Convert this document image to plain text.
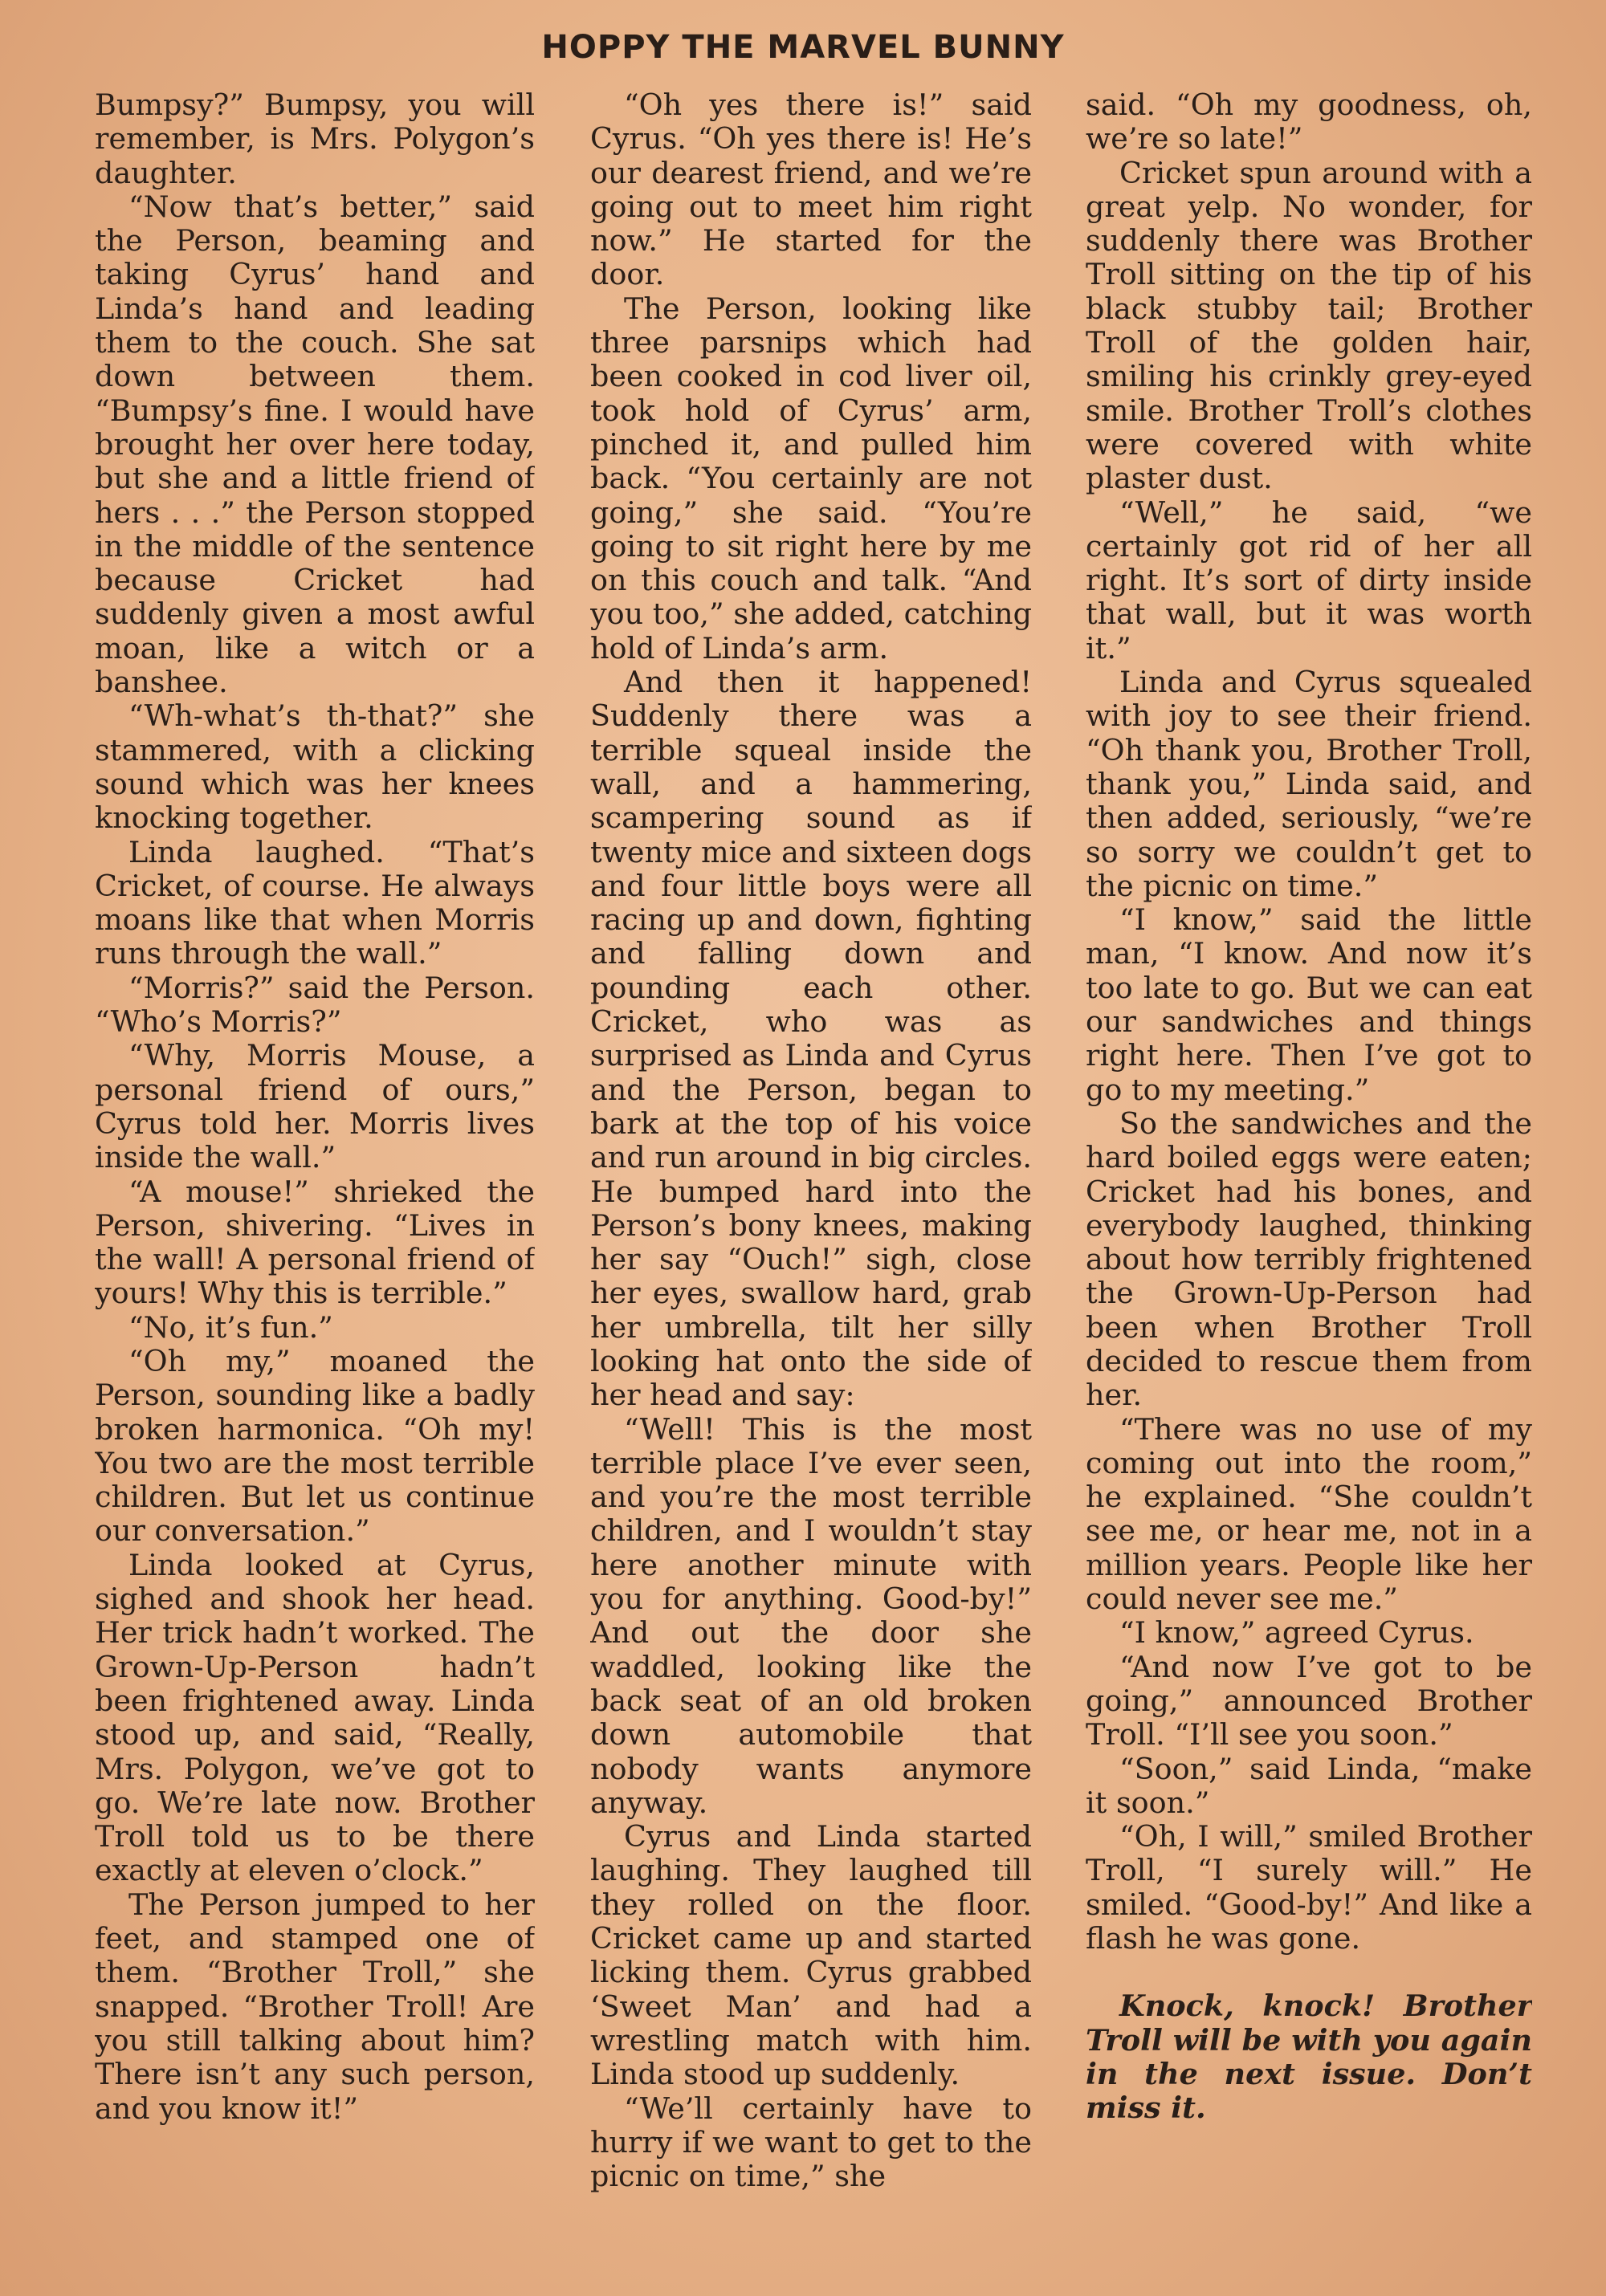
HOPPY THE MARVEL BUNNY

Bumpsy?” Bumpsy, you will remember, is Mrs. Polygon’s daughter.

“Now that’s better,” said the Person, beaming and taking Cyrus’ hand and Linda’s hand and leading them to the couch. She sat down between them. “Bumpsy’s fine. I would have brought her over here today, but she and a little friend of hers . . .” the Person stopped in the middle of the sentence because Cricket had suddenly given a most awful moan, like a witch or a banshee.

“Wh-what’s th-that?” she stammered, with a clicking sound which was her knees knocking together.

Linda laughed. “That’s Cricket, of course. He always moans like that when Morris runs through the wall.”

“Morris?” said the Person. “Who’s Morris?”

“Why, Morris Mouse, a personal friend of ours,” Cyrus told her. Morris lives inside the wall.”

“A mouse!” shrieked the Person, shivering. “Lives in the wall! A personal friend of yours! Why this is terrible.”

“No, it’s fun.”

“Oh my,” moaned the Person, sounding like a badly broken harmonica. “Oh my! You two are the most terrible children. But let us continue our conversation.”

Linda looked at Cyrus, sighed and shook her head. Her trick hadn’t worked. The Grown-Up-Person hadn’t been frightened away. Linda stood up, and said, “Really, Mrs. Polygon, we’ve got to go. We’re late now. Brother Troll told us to be there exactly at eleven o’clock.”

The Person jumped to her feet, and stamped one of them. “Brother Troll,” she snapped. “Brother Troll! Are you still talking about him? There isn’t any such person, and you know it!”

“Oh yes there is!” said Cyrus. “Oh yes there is! He’s our dearest friend, and we’re going out to meet him right now.” He started for the door.

The Person, looking like three parsnips which had been cooked in cod liver oil, took hold of Cyrus’ arm, pinched it, and pulled him back. “You certainly are not going,” she said. “You’re going to sit right here by me on this couch and talk. “And you too,” she added, catching hold of Linda’s arm.

And then it happened! Suddenly there was a terrible squeal inside the wall, and a hammering, scampering sound as if twenty mice and sixteen dogs and four little boys were all racing up and down, fighting and falling down and pounding each other. Cricket, who was as surprised as Linda and Cyrus and the Person, began to bark at the top of his voice and run around in big circles. He bumped hard into the Person’s bony knees, making her say “Ouch!” sigh, close her eyes, swallow hard, grab her umbrella, tilt her silly looking hat onto the side of her head and say:

“Well! This is the most terrible place I’ve ever seen, and you’re the most terrible children, and I wouldn’t stay here another minute with you for anything. Good-by!” And out the door she waddled, looking like the back seat of an old broken down automobile that nobody wants anymore anyway.

Cyrus and Linda started laughing. They laughed till they rolled on the floor. Cricket came up and started licking them. Cyrus grabbed ‘Sweet Man’ and had a wrestling match with him. Linda stood up suddenly.

“We’ll certainly have to hurry if we want to get to the picnic on time,” she

said. “Oh my goodness, oh, we’re so late!”

Cricket spun around with a great yelp. No wonder, for suddenly there was Brother Troll sitting on the tip of his black stubby tail; Brother Troll of the golden hair, smiling his crinkly grey-eyed smile. Brother Troll’s clothes were covered with white plaster dust.

“Well,” he said, “we certainly got rid of her all right. It’s sort of dirty inside that wall, but it was worth it.”

Linda and Cyrus squealed with joy to see their friend. “Oh thank you, Brother Troll, thank you,” Linda said, and then added, seriously, “we’re so sorry we couldn’t get to the picnic on time.”

“I know,” said the little man, “I know. And now it’s too late to go. But we can eat our sandwiches and things right here. Then I’ve got to go to my meeting.”

So the sandwiches and the hard boiled eggs were eaten; Cricket had his bones, and everybody laughed, thinking about how terribly frightened the Grown-Up-Person had been when Brother Troll decided to rescue them from her.

“There was no use of my coming out into the room,” he explained. “She couldn’t see me, or hear me, not in a million years. People like her could never see me.”

“I know,” agreed Cyrus.

“And now I’ve got to be going,” announced Brother Troll. “I’ll see you soon.”

“Soon,” said Linda, “make it soon.”

“Oh, I will,” smiled Brother Troll, “I surely will.” He smiled. “Good-by!” And like a flash he was gone.

Knock, knock! Brother Troll will be with you again in the next issue. Don’t miss it.
